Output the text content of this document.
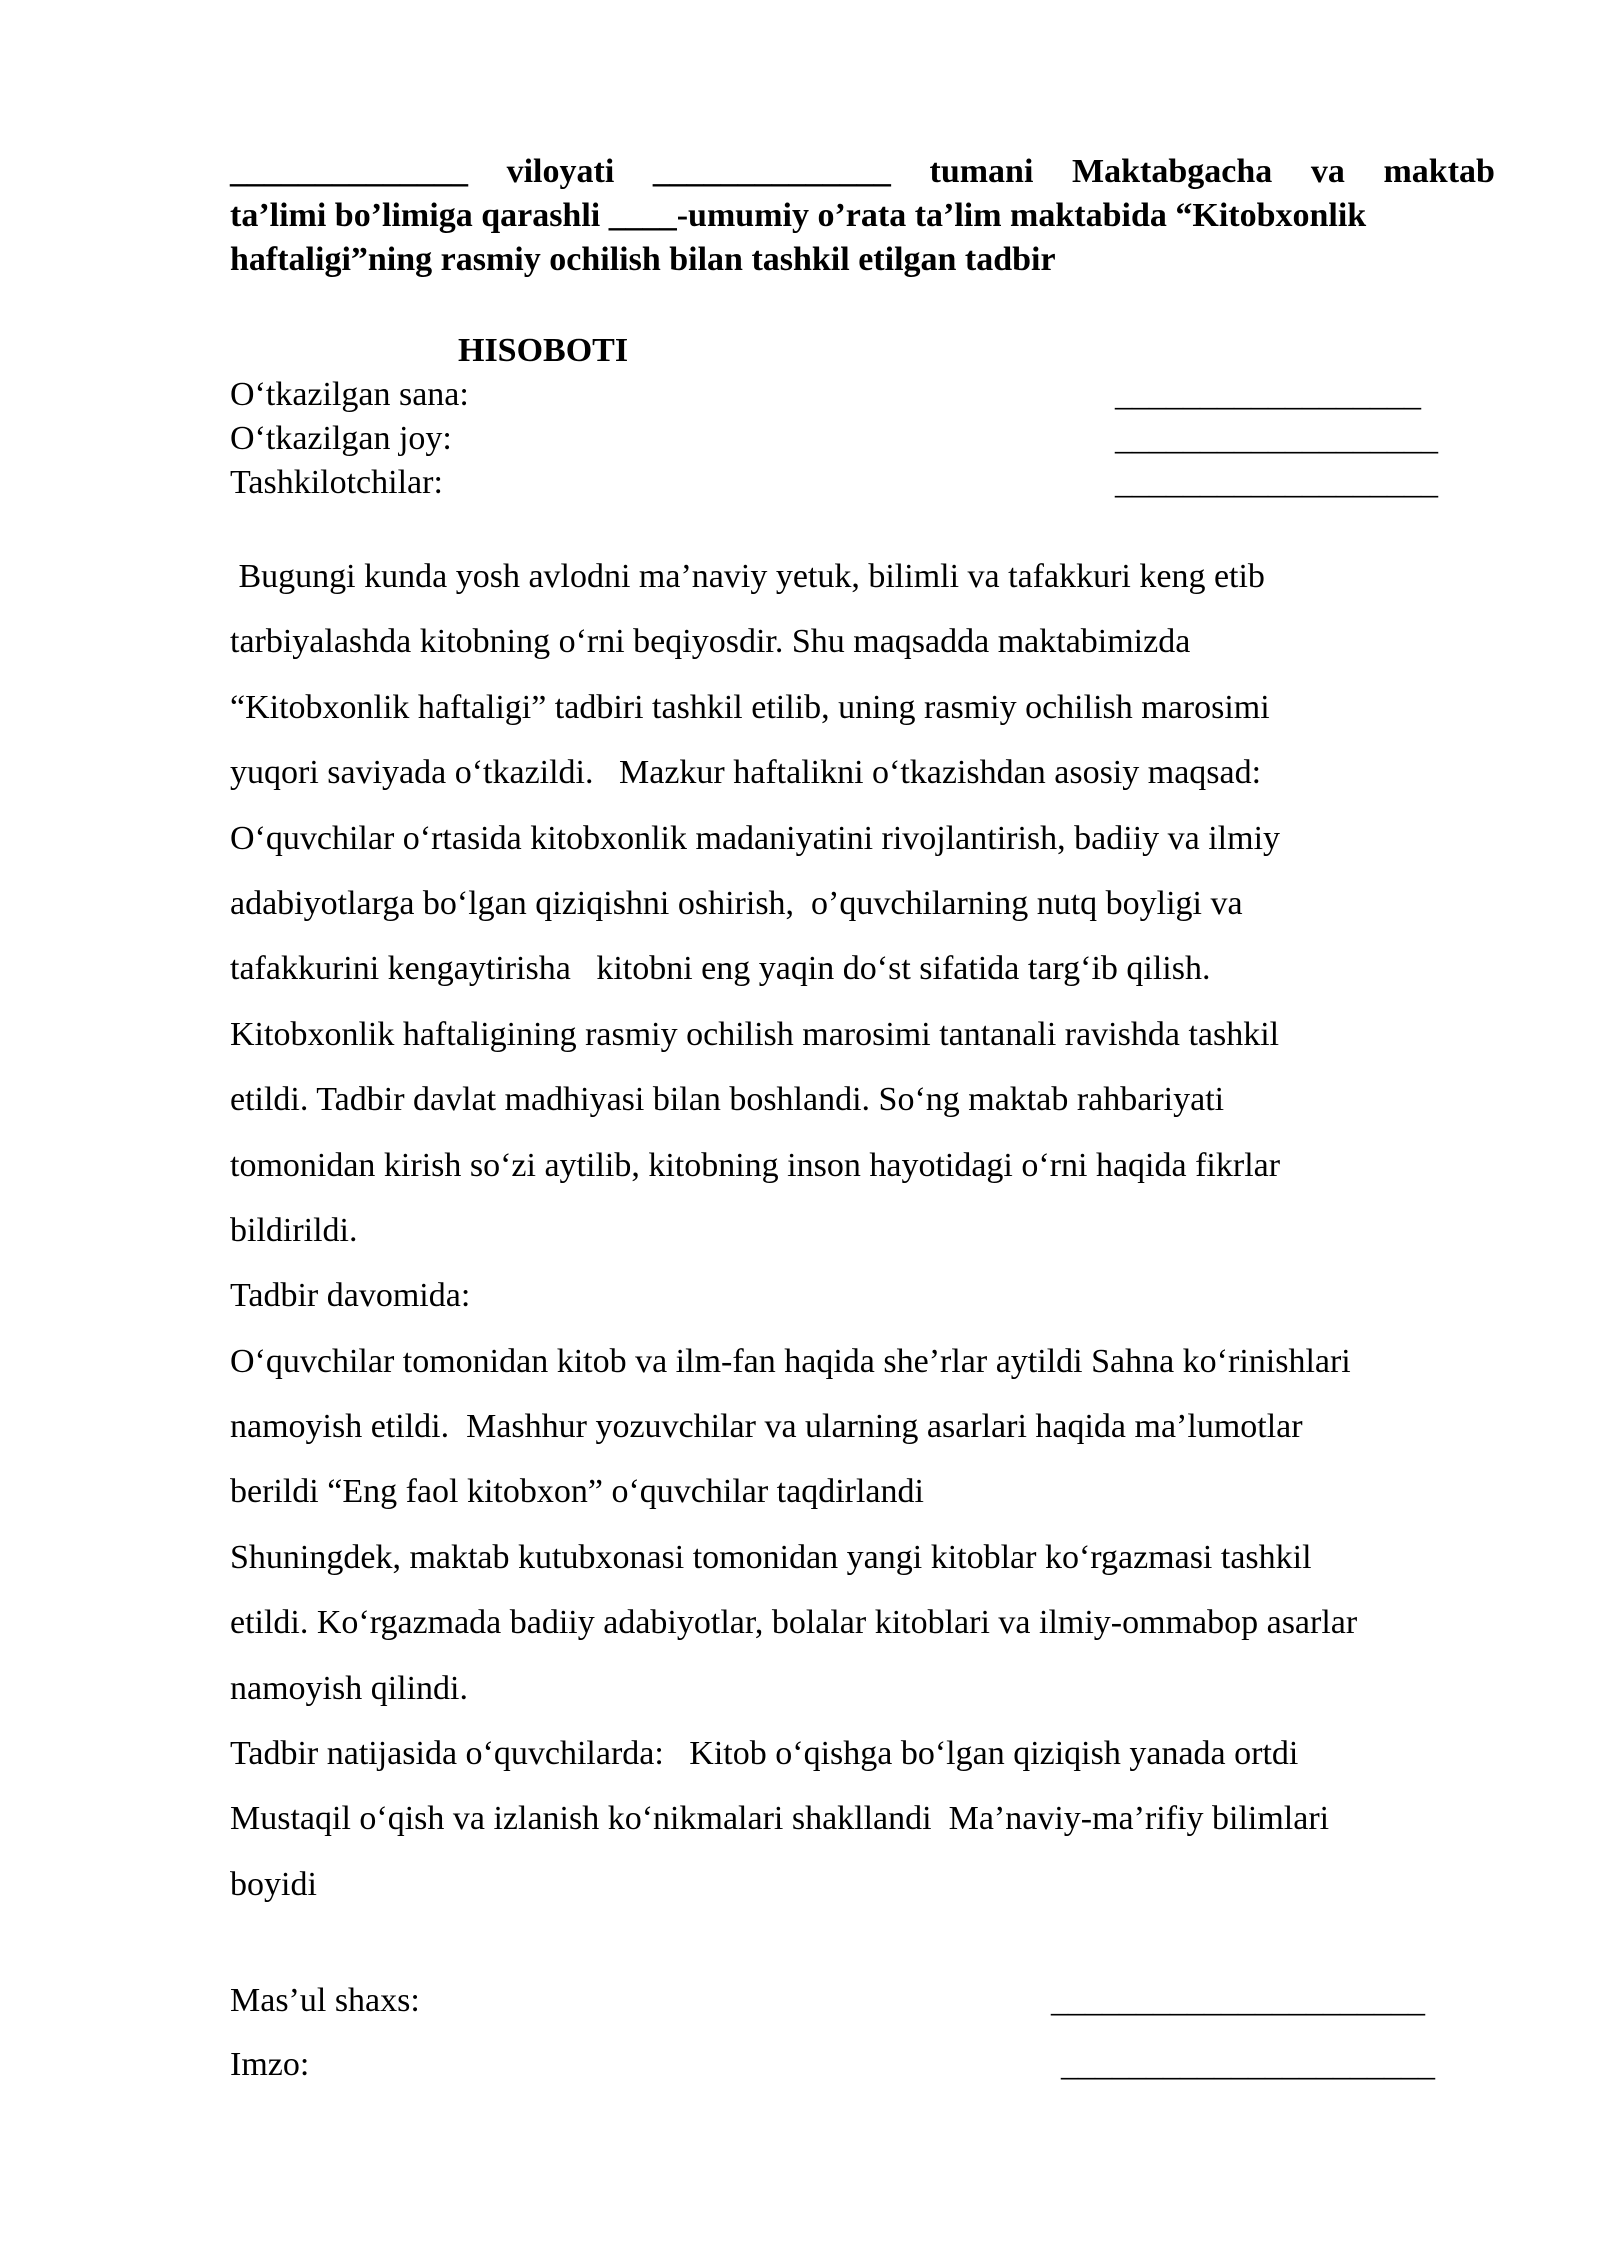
______________ viloyati ______________ tumani Maktabgacha va maktab
ta’limi bo’limiga qarashli ____-umumiy o’rata ta’lim maktabida “Kitobxonlik
haftaligi”ning rasmiy ochilish bilan tashkil etilgan tadbir
HISOBOTI
O‘tkazilgan sana:	__________________
O‘tkazilgan joy:	___________________
Tashkilotchilar:	___________________
Bugungi kunda yosh avlodni ma’naviy yetuk, bilimli va tafakkuri keng etib
tarbiyalashda kitobning o‘rni beqiyosdir. Shu maqsadda maktabimizda
“Kitobxonlik haftaligi” tadbiri tashkil etilib, uning rasmiy ochilish marosimi
yuqori saviyada o‘tkazildi.   Mazkur haftalikni o‘tkazishdan asosiy maqsad:
O‘quvchilar o‘rtasida kitobxonlik madaniyatini rivojlantirish, badiiy va ilmiy
adabiyotlarga bo‘lgan qiziqishni oshirish,  o’quvchilarning nutq boyligi va
tafakkurini kengaytirisha   kitobni eng yaqin do‘st sifatida targ‘ib qilish.
Kitobxonlik haftaligining rasmiy ochilish marosimi tantanali ravishda tashkil
etildi. Tadbir davlat madhiyasi bilan boshlandi. So‘ng maktab rahbariyati
tomonidan kirish so‘zi aytilib, kitobning inson hayotidagi o‘rni haqida fikrlar
bildirildi.
Tadbir davomida:
O‘quvchilar tomonidan kitob va ilm-fan haqida she’rlar aytildi Sahna ko‘rinishlari
namoyish etildi.  Mashhur yozuvchilar va ularning asarlari haqida ma’lumotlar
berildi “Eng faol kitobxon” o‘quvchilar taqdirlandi
Shuningdek, maktab kutubxonasi tomonidan yangi kitoblar ko‘rgazmasi tashkil
etildi. Ko‘rgazmada badiiy adabiyotlar, bolalar kitoblari va ilmiy-ommabop asarlar
namoyish qilindi.
Tadbir natijasida o‘quvchilarda:   Kitob o‘qishga bo‘lgan qiziqish yanada ortdi
Mustaqil o‘qish va izlanish ko‘nikmalari shakllandi  Ma’naviy-ma’rifiy bilimlari
boyidi
Mas’ul shaxs:	______________________
Imzo:	______________________
